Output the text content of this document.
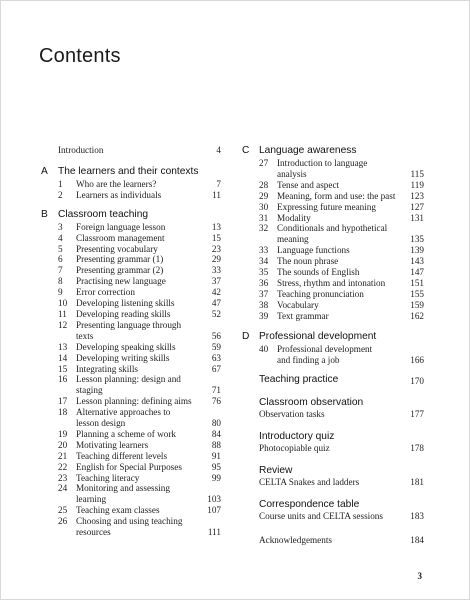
Contents
Introduction	4
A	The learners and their contexts
1	Who are the learners?	7
2	Learners as individuals	11
B	Classroom teaching
3	Foreign language lesson	13
4	Classroom management	15
5	Presenting vocabulary	23
6	Presenting grammar (1)	29
7	Presenting grammar (2)	33
8	Practising new language	37
9	Error correction	42
10 Developing listening skills	47
11 Developing reading skills	52
12 Presenting language through
texts	56
13 Developing speaking skills	59
14 Developing writing skills	63
15 Integrating skills	67
16 Lesson planning: design and
staging	71
17 Lesson planning: defining aims	76
18 Alternative approaches to
lesson design	80
19 Planning a scheme of work	84
20 Motivating learners	88
21 Teaching different levels	91
22 English for Special Purposes	95
23 Teaching literacy	99
24 Monitoring and assessing
learning	103
25 Teaching exam classes	107
26 Choosing and using teaching
resources	111
C Language awareness
27 Introduction to language
analysis	115
28 Tense and aspect	119
29 Meaning, form and use: the past	123
30 Expressing future meaning	127
31 Modality	131
32 Conditionals and hypothetical
meaning	135
33 Language functions	139
34 The noun phrase	143
35 The sounds of English	147
36 Stress, rhythm and intonation	151
37 Teaching pronunciation	155
38 Vocabulary	159
39 Text grammar	162
D Professional development
40 Professional development
and finding a job	166
Teaching practice	170
Classroom observation
Observation tasks	177
Introductory quiz
Photocopiable quiz	178
Review
CELTA Snakes and ladders	181
Correspondence table
Course units and CELTA sessions	183
Acknowledgements	184
3
